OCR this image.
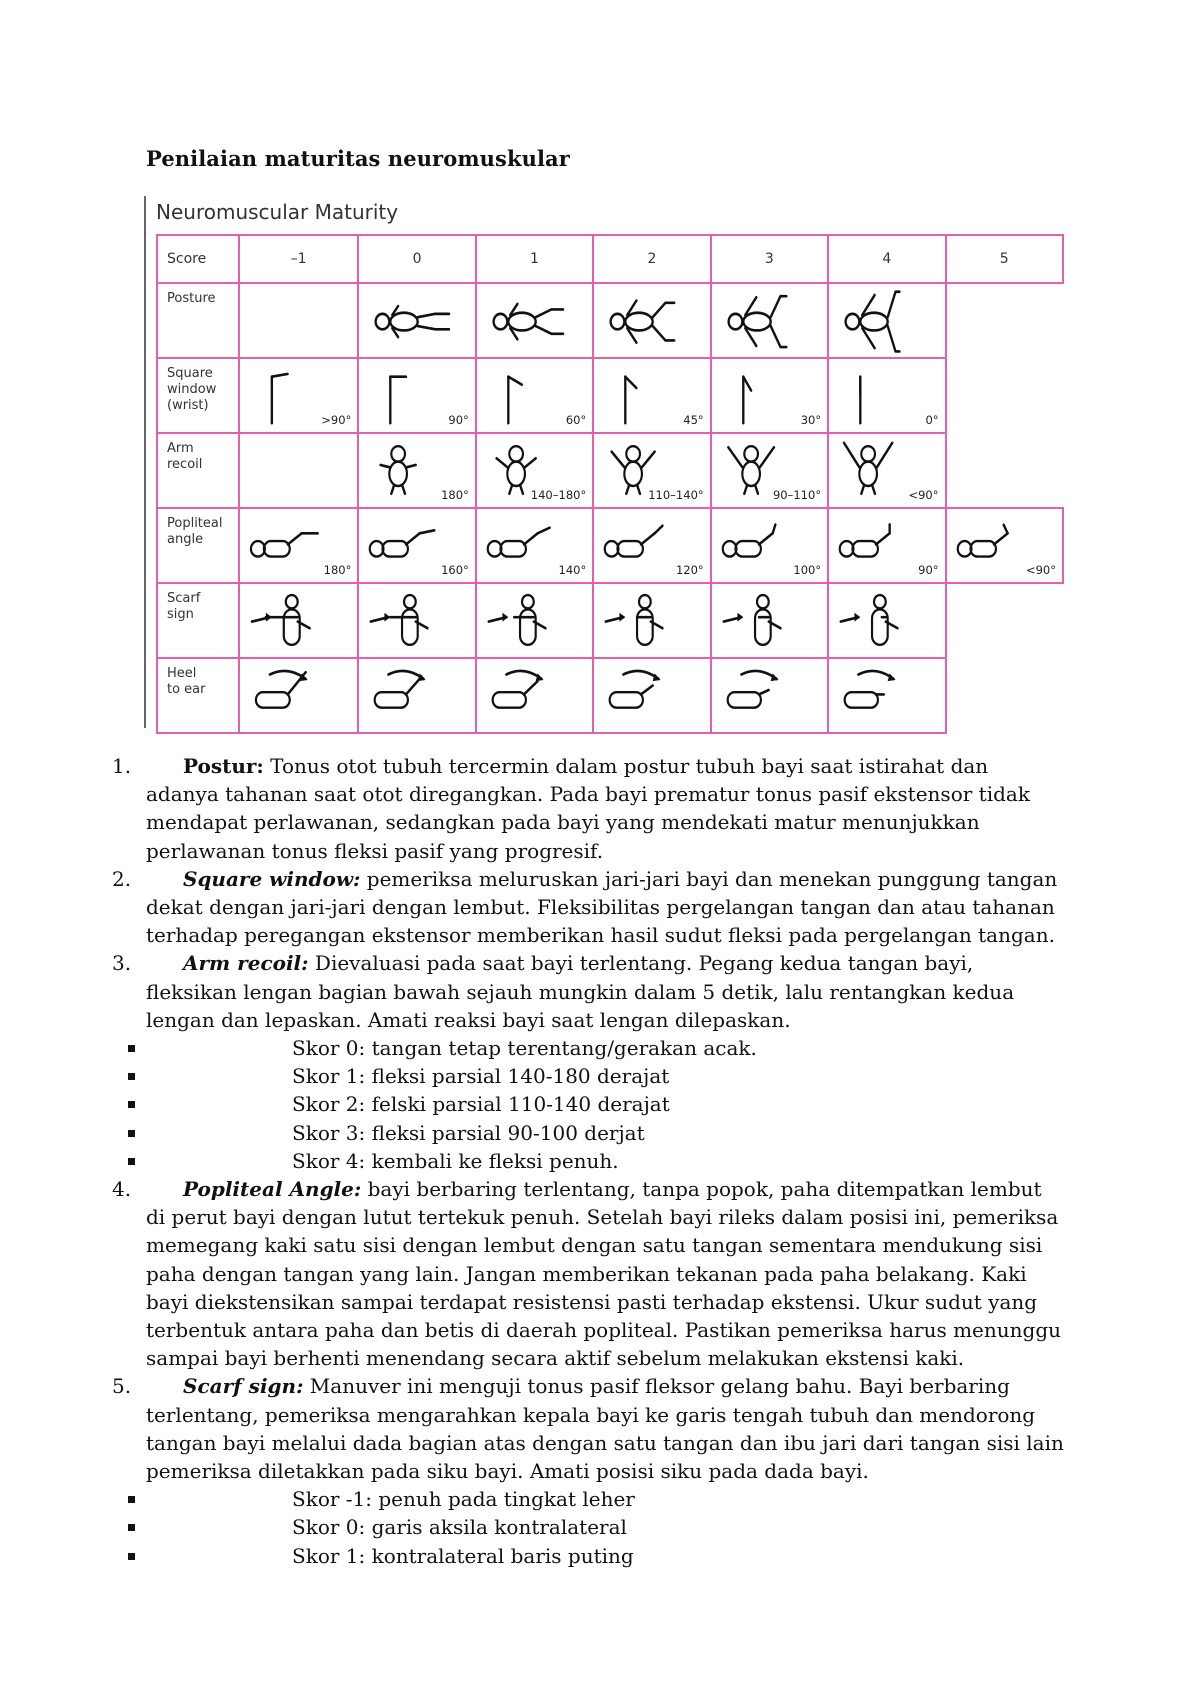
Penilaian maturitas neuromuskular
Neuromuscular Maturity
Score	–1	0	1	2	3	4	5

Posture

Square
window
(wrist)	>90°	90°	60°	45°	30°	0°	

Arm
recoil		180°	140–180°	110–140°	90–110°	<90°	

Popliteal
angle	180°	160°	140°	120°	100°	90°	<90°

Scarf
sign

Heel
to ear

1.	Postur: Tonus otot tubuh tercermin dalam postur tubuh bayi saat istirahat dan adanya tahanan saat otot diregangkan. Pada bayi prematur tonus pasif ekstensor tidak mendapat perlawanan, sedangkan pada bayi yang mendekati matur menunjukkan perlawanan tonus fleksi pasif yang progresif.
2.	Square window: pemeriksa meluruskan jari-jari bayi dan menekan punggung tangan dekat dengan jari-jari dengan lembut. Fleksibilitas pergelangan tangan dan atau tahanan terhadap peregangan ekstensor memberikan hasil sudut fleksi pada pergelangan tangan.
3.	Arm recoil: Dievaluasi pada saat bayi terlentang. Pegang kedua tangan bayi, fleksikan lengan bagian bawah sejauh mungkin dalam 5 detik, lalu rentangkan kedua lengan dan lepaskan. Amati reaksi bayi saat lengan dilepaskan.
Skor 0: tangan tetap terentang/gerakan acak.
Skor 1: fleksi parsial 140-180 derajat
Skor 2: felski parsial 110-140 derajat
Skor 3: fleksi parsial 90-100 derjat
Skor 4: kembali ke fleksi penuh.
4.	Popliteal Angle: bayi berbaring terlentang, tanpa popok, paha ditempatkan lembut di perut bayi dengan lutut tertekuk penuh. Setelah bayi rileks dalam posisi ini, pemeriksa memegang kaki satu sisi dengan lembut dengan satu tangan sementara mendukung sisi paha dengan tangan yang lain. Jangan memberikan tekanan pada paha belakang. Kaki bayi diekstensikan sampai terdapat resistensi pasti terhadap ekstensi. Ukur sudut yang terbentuk antara paha dan betis di daerah popliteal. Pastikan pemeriksa harus menunggu sampai bayi berhenti menendang secara aktif sebelum melakukan ekstensi kaki.
5.	Scarf sign: Manuver ini menguji tonus pasif fleksor gelang bahu. Bayi berbaring terlentang, pemeriksa mengarahkan kepala bayi ke garis tengah tubuh dan mendorong tangan bayi melalui dada bagian atas dengan satu tangan dan ibu jari dari tangan sisi lain pemeriksa diletakkan pada siku bayi. Amati posisi siku pada dada bayi.
Skor -1: penuh pada tingkat leher
Skor 0: garis aksila kontralateral
Skor 1: kontralateral baris puting
